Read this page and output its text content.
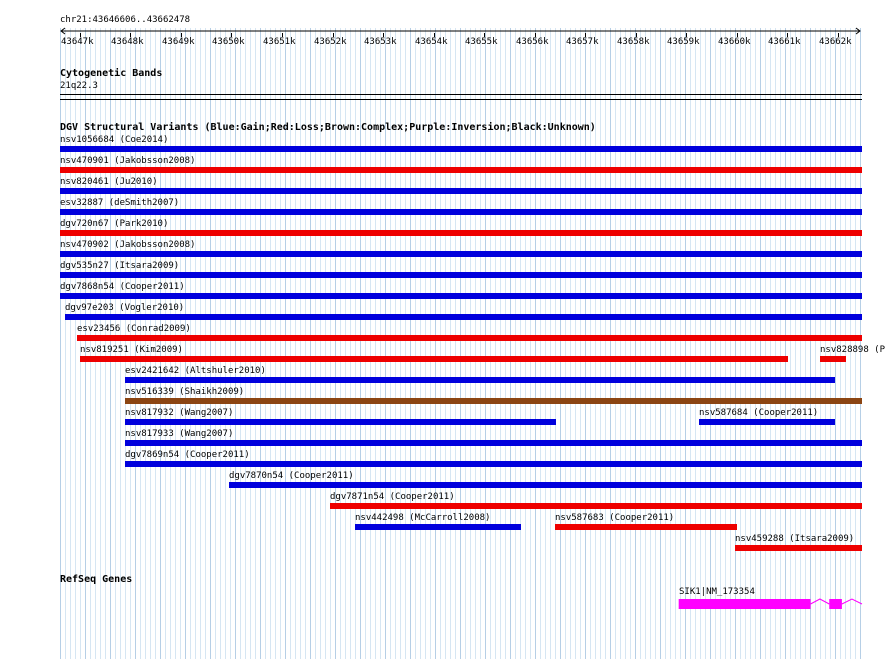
chr21:43646606..43662478
43647k 43648k 43649k 43650k 43651k 43652k 43653k 43654k 43655k 43656k 43657k 43658k 43659k 43660k 43661k 43662k
Cytogenetic Bands
21q22.3
DGV Structural Variants (Blue:Gain;Red:Loss;Brown:Complex;Purple:Inversion;Black:Unknown)
nsv1056684 (Coe2014)
nsv470901 (Jakobsson2008)
nsv820461 (Ju2010)
esv32887 (deSmith2007)
dgv720n67 (Park2010)
nsv470902 (Jakobsson2008)
dgv535n27 (Itsara2009)
dgv7868n54 (Cooper2011)
dgv97e203 (Vogler2010)
esv23456 (Conrad2009)
nsv819251 (Kim2009)	nsv828898 (P
esv2421642 (Altshuler2010)
nsv516339 (Shaikh2009)
nsv817932 (Wang2007)	nsv587684 (Cooper2011)
nsv817933 (Wang2007)
dgv7869n54 (Cooper2011)
dgv7870n54 (Cooper2011)
dgv7871n54 (Cooper2011)
nsv442498 (McCarroll2008)	nsv587683 (Cooper2011)
nsv459288 (Itsara2009)
RefSeq Genes
SIK1|NM_173354
